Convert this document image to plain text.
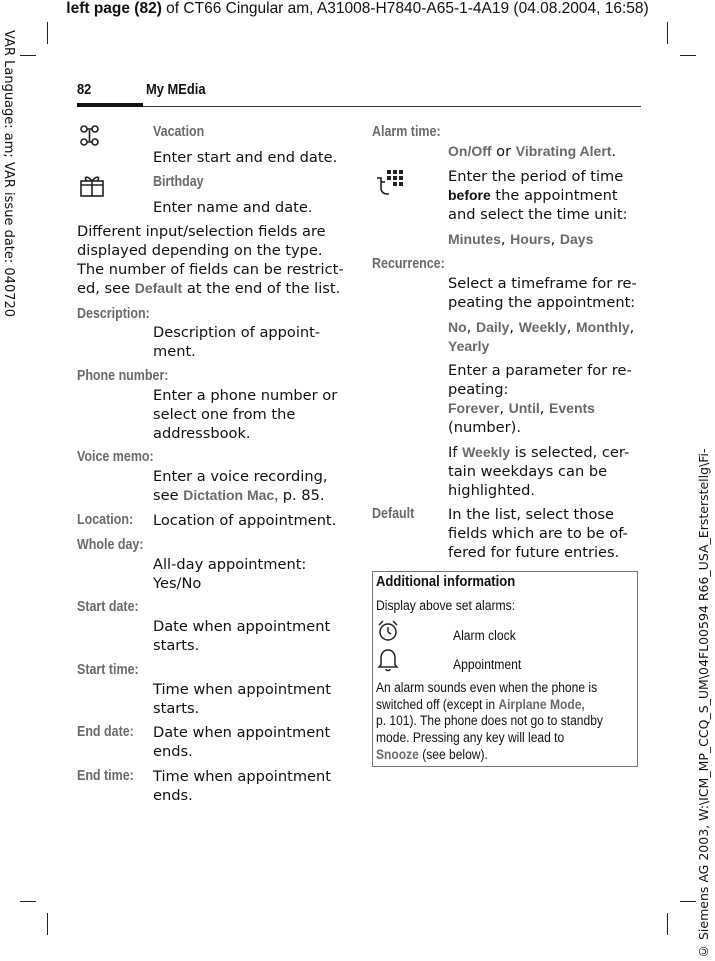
left page (82) of CT66 Cingular am, A31008-H7840-A65-1-4A19 (04.08.2004, 16:58)
VAR Language: am; VAR issue date: 040720
© Siemens AG 2003, W:\ICM_MP_CCQ_S_UM\04FL00594 R66_USA_Ersterstellg\Fi-
82	My MEdia
Vacation
Enter start and end date.
Birthday
Enter name and date.
Different input/selection fields are
displayed depending on the type.
The number of fields can be restrict-
ed, see Default at the end of the list.
Description:
Description of appoint-
ment.
Phone number:
Enter a phone number or
select one from the
addressbook.
Voice memo:
Enter a voice recording,
see Dictation Mac, p. 85.
Location: Location of appointment.
Whole day:
All-day appointment:
Yes/No
Start date:
Date when appointment
starts.
Start time:
Time when appointment
starts.
End date: Date when appointment
ends.
End time: Time when appointment
ends.
Alarm time:
On/Off or Vibrating Alert.
Enter the period of time
before the appointment
and select the time unit:
Minutes, Hours, Days
Recurrence:
Select a timeframe for re-
peating the appointment:
No, Daily, Weekly, Monthly,
Yearly
Enter a parameter for re-
peating:
Forever, Until, Events
(number).
If Weekly is selected, cer-
tain weekdays can be
highlighted.
Default In the list, select those
fields which are to be of-
fered for future entries.
Additional information
Display above set alarms:
Alarm clock
Appointment
An alarm sounds even when the phone is
switched off (except in Airplane Mode,
p. 101). The phone does not go to standby
mode. Pressing any key will lead to
Snooze (see below).
